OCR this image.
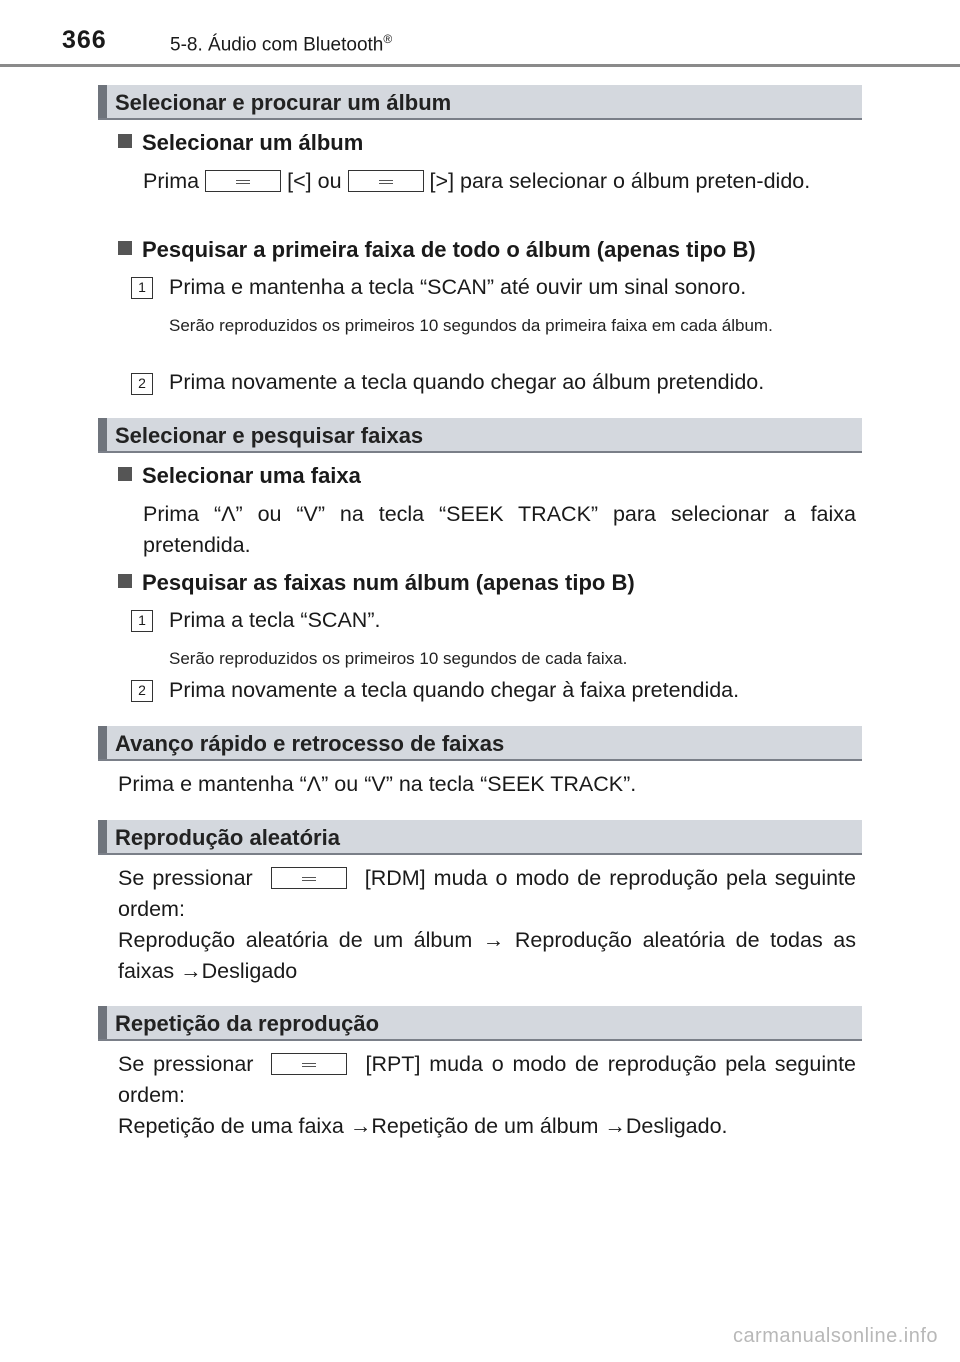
366	5-8. Áudio com Bluetooth®
Selecionar e procurar um álbum
Selecionar um álbum
Prima	[<] ou	[>] para selecionar o álbum preten-dido.
Pesquisar a primeira faixa de todo o álbum (apenas tipo B)
1	Prima e mantenha a tecla “SCAN” até ouvir um sinal sonoro.
Serão reproduzidos os primeiros 10 segundos da primeira faixa em cada álbum.
2	Prima novamente a tecla quando chegar ao álbum pretendido.
Selecionar e pesquisar faixas
Selecionar uma faixa
Prima “Λ” ou “V” na tecla “SEEK TRACK” para selecionar a faixa pretendida.
Pesquisar as faixas num álbum (apenas tipo B)
1	Prima a tecla “SCAN”.
Serão reproduzidos os primeiros 10 segundos de cada faixa.
2	Prima novamente a tecla quando chegar à faixa pretendida.
Avanço rápido e retrocesso de faixas
Prima e mantenha “Λ” ou “V” na tecla “SEEK TRACK”.
Reprodução aleatória
Se pressionar	[RDM] muda o modo de reprodução pela seguinte ordem:
Reprodução aleatória de um álbum → Reprodução aleatória de todas as faixas →Desligado
Repetição da reprodução
Se pressionar	[RPT] muda o modo de reprodução pela seguinte ordem:
Repetição de uma faixa →Repetição de um álbum →Desligado.
carmanualsonline.info
